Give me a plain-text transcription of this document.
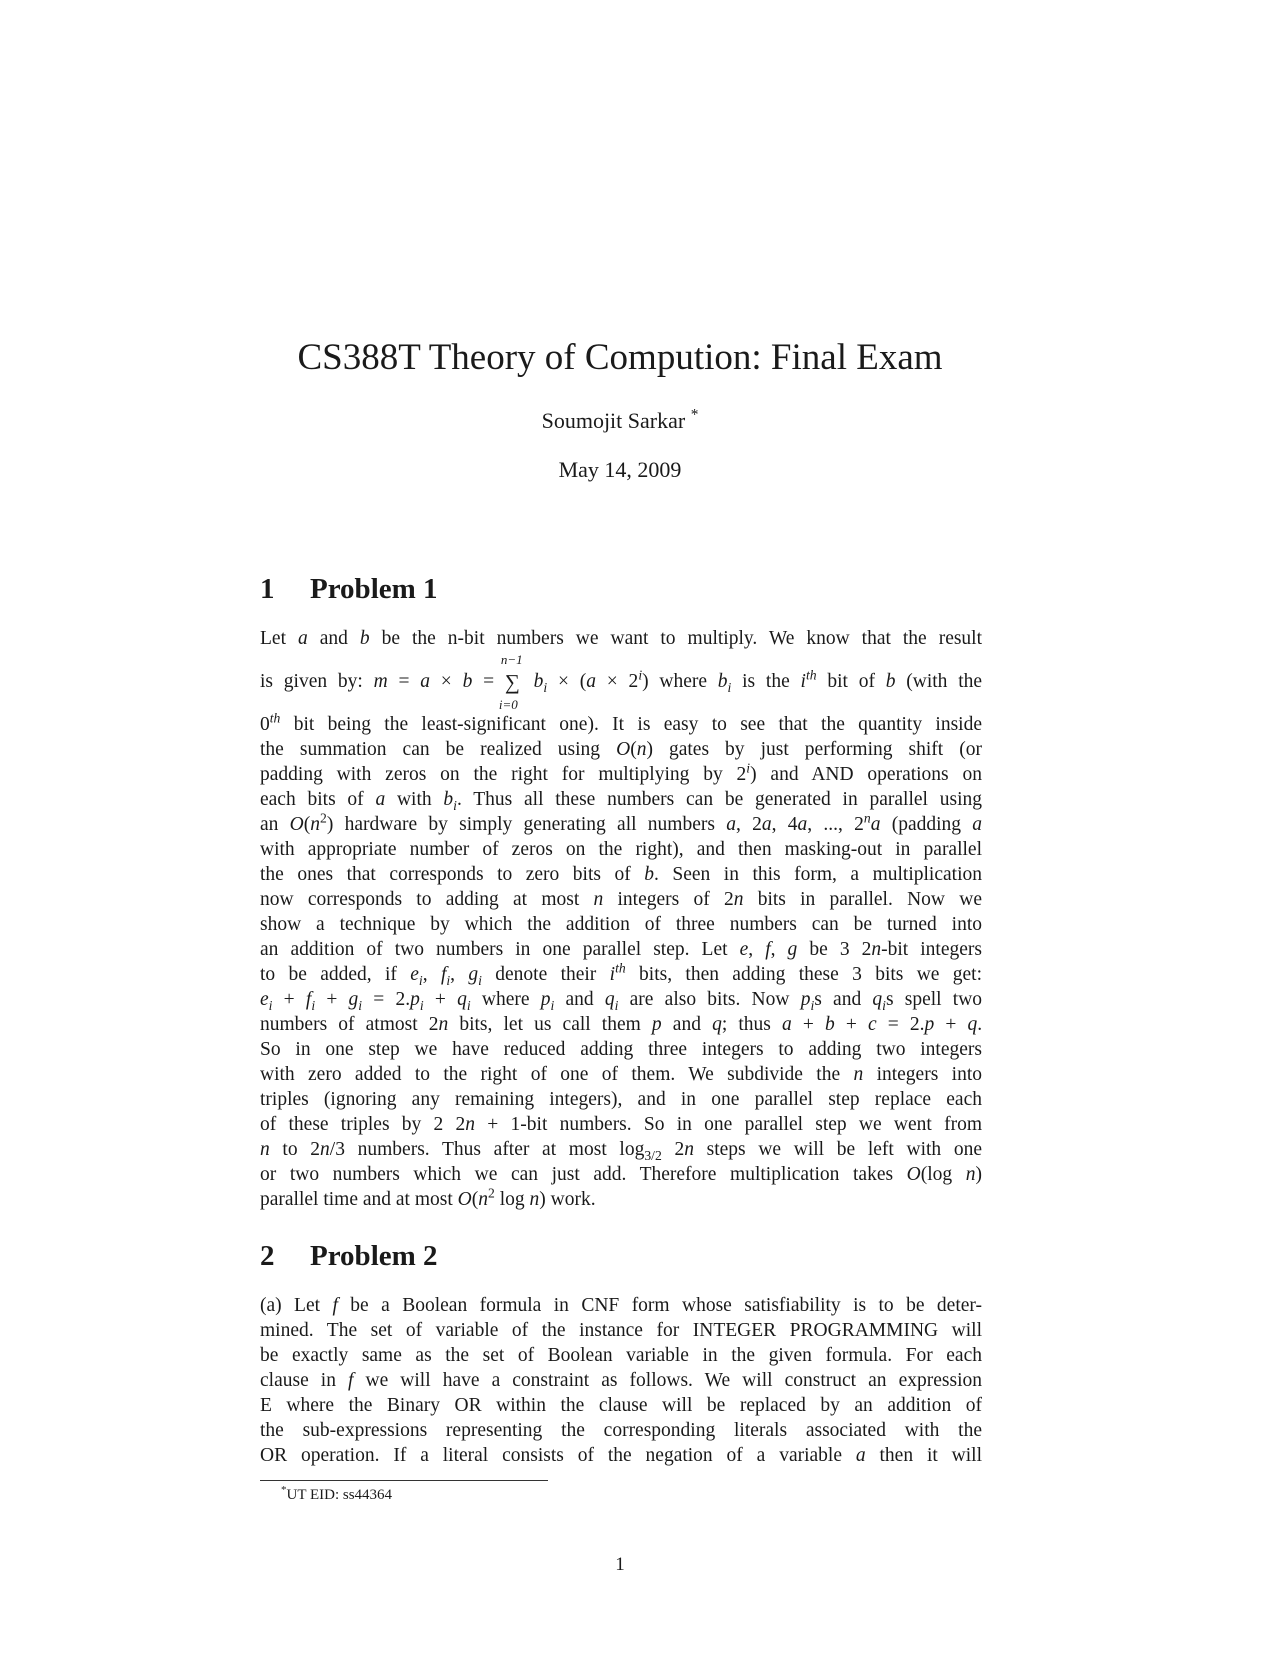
CS388T Theory of Compution: Final Exam
Soumojit Sarkar *
May 14, 2009
1 Problem 1
Let a and b be the n-bit numbers we want to multiply. We know that the result
is given by: m = a × b =
n−1
∑
i=0
$b_i \times (a \times 2^i)$ where $b_i$ is the $i^{th}$ bit of b (with the
0th bit being the least-significant one). It is easy to see that the quantity inside
the summation can be realized using O(n) gates by just performing shift (or
padding with zeros on the right for multiplying by 2$^i$) and AND operations on
each bits of a with $b_i$. Thus all these numbers can be generated in parallel using
an $O(n^2)$ hardware by simply generating all numbers a, 2a, 4a, ..., 2$^n$a (padding a
with appropriate number of zeros on the right), and then masking-out in parallel
the ones that corresponds to zero bits of b. Seen in this form, a multiplication
now corresponds to adding at most n integers of 2n bits in parallel. Now we
show a technique by which the addition of three numbers can be turned into
an addition of two numbers in one parallel step. Let e, f, g be 3 2n-bit integers
to be added, if $e_i$, $f_i$, $g_i$ denote their $i^{th}$ bits, then adding these 3 bits we get:
$e_i + f_i + g_i = 2.p_i + q_i$ where $p_i$ and $q_i$ are also bits. Now $p_is$ and $q_is$ spell two
numbers of atmost 2n bits, let us call them p and q; thus a + b + c = 2.p + q.
So in one step we have reduced adding three integers to adding two integers
with zero added to the right of one of them. We subdivide the n integers into
triples (ignoring any remaining integers), and in one parallel step replace each
of these triples by 2 2n + 1-bit numbers. So in one parallel step we went from
n to 2n/3 numbers. Thus after at most $\log_{3/2} 2n$ steps we will be left with one
or two numbers which we can just add. Therefore multiplication takes O(log n)
parallel time and at most $O(n^2$ log n) work.
2 Problem 2
(a) Let f be a Boolean formula in CNF form whose satisfiability is to be deter-
mined. The set of variable of the instance for INTEGER PROGRAMMING will
be exactly same as the set of Boolean variable in the given formula. For each
clause in f we will have a constraint as follows. We will construct an expression
E where the Binary OR within the clause will be replaced by an addition of
the sub-expressions representing the corresponding literals associated with the
OR operation. If a literal consists of the negation of a variable a then it will
*UT EID: ss44364
1
